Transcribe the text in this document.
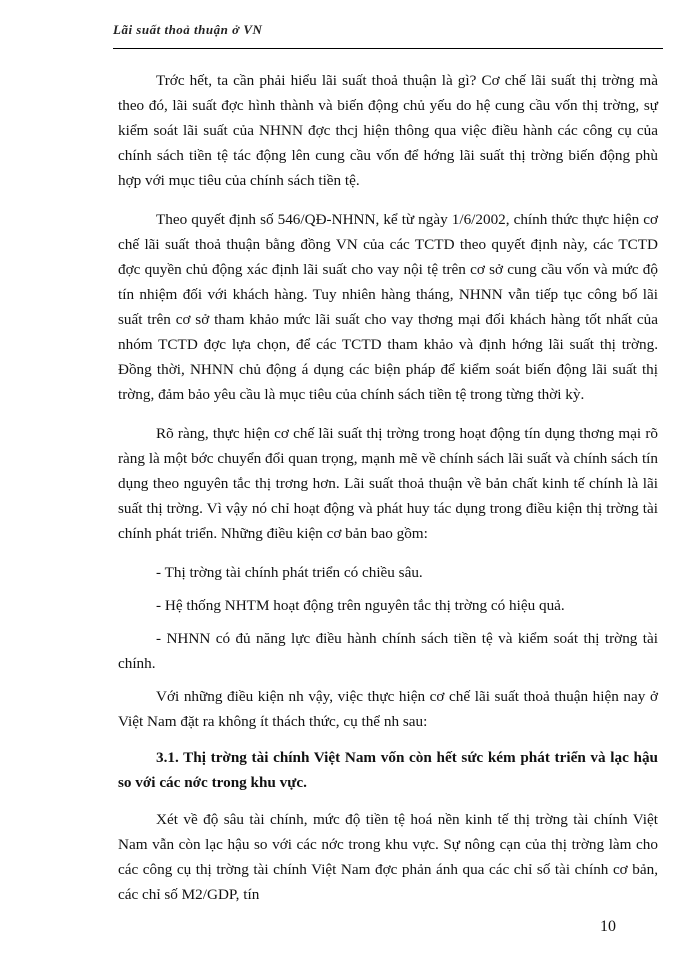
Lãi suất thoả thuận ở VN

Trớc hết, ta cần phải hiểu lãi suất thoả thuận là gì? Cơ chế lãi suất thị trờng mà theo đó, lãi suất đợc hình thành và biến động chủ yếu do hệ cung cầu vốn thị trờng, sự kiểm soát lãi suất của NHNN đợc thcj hiện thông qua việc điều hành các công cụ của chính sách tiền tệ tác động lên cung cầu vốn để hớng lãi suất thị trờng biến động phù hợp với mục tiêu của chính sách tiền tệ.

Theo quyết định số 546/QĐ-NHNN, kể từ ngày 1/6/2002, chính thức thực hiện cơ chế lãi suất thoả thuận bằng đồng VN của các TCTD theo quyết định này, các TCTD đợc quyền chủ động xác định lãi suất cho vay nội tệ trên cơ sở cung cầu vốn và mức độ tín nhiệm đối với khách hàng. Tuy nhiên hàng tháng, NHNN vẫn tiếp tục công bố lãi suất trên cơ sở tham khảo mức lãi suất cho vay thơng mại đối khách hàng tốt nhất của nhóm TCTD đợc lựa chọn, để các TCTD tham khảo và định hớng lãi suất thị trờng. Đồng thời, NHNN chủ động á dụng các biện pháp để kiểm soát biến động lãi suất thị trờng, đảm bảo yêu cầu là mục tiêu của chính sách tiền tệ trong từng thời kỳ.

Rõ ràng, thực hiện cơ chế lãi suất thị trờng trong hoạt động tín dụng thơng mại rõ ràng là một bớc chuyển đổi quan trọng, mạnh mẽ về chính sách lãi suất và chính sách tín dụng theo nguyên tắc thị trơng hơn. Lãi suất thoả thuận về bản chất kinh tế chính là lãi suất thị trờng. Vì vậy nó chỉ hoạt động và phát huy tác dụng trong điều kiện thị trờng tài chính phát triển. Những điều kiện cơ bản bao gồm:

- Thị trờng tài chính phát triển có chiều sâu.

- Hệ thống NHTM hoạt động trên nguyên tắc thị trờng có hiệu quả.

- NHNN có đủ năng lực điều hành chính sách tiền tệ và kiểm soát thị trờng tài chính.

Với những điều kiện nh vậy, việc thực hiện cơ chế lãi suất thoả thuận hiện nay ở Việt Nam đặt ra không ít thách thức, cụ thể nh sau:

3.1. Thị trờng tài chính Việt Nam vốn còn hết sức kém phát triển và lạc hậu so với các nớc trong khu vực.

Xét về độ sâu tài chính, mức độ tiền tệ hoá nền kinh tế thị trờng tài chính Việt Nam vẫn còn lạc hậu so với các nớc trong khu vực. Sự nông cạn của thị trờng làm cho các công cụ thị trờng tài chính Việt Nam đợc phản ánh qua các chỉ số tài chính cơ bản, các chỉ số M2/GDP, tín

10
